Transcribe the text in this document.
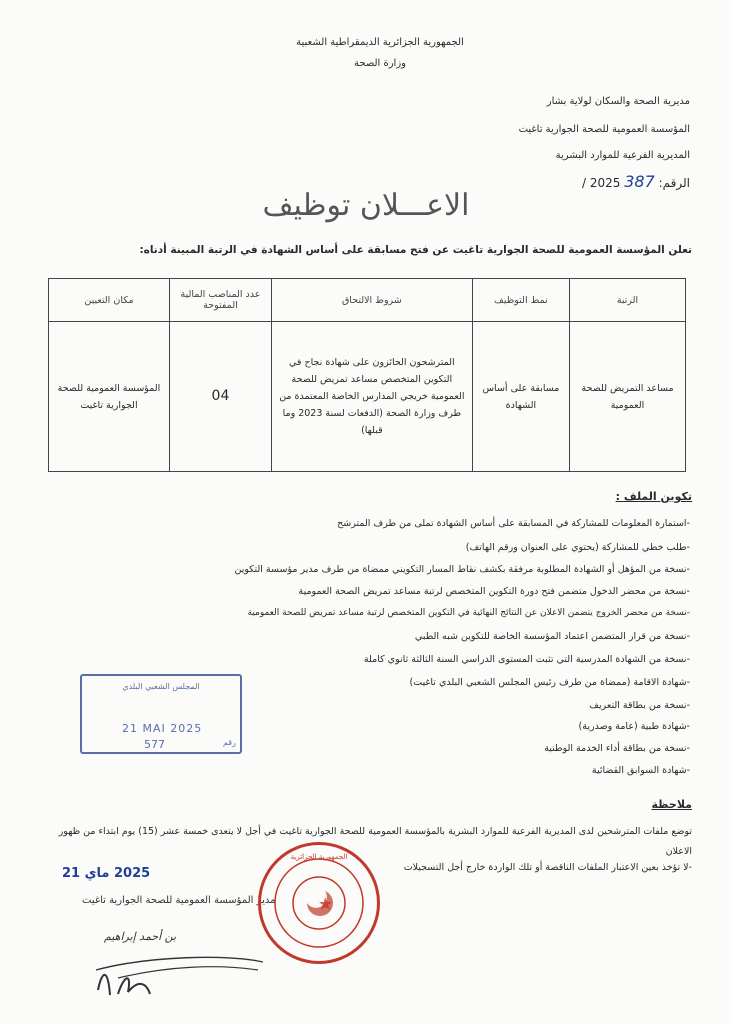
الجمهورية الجزائرية الديمقراطية الشعبية
وزارة الصحة
مديرية الصحة والسكان لولاية بشار
المؤسسة العمومية للصحة الجوارية تاغيت
المديرية الفرعية للموارد البشرية
الرقم: 387 2025 /
الاعـــلان توظيف
تعلن المؤسسة العمومية للصحة الجوارية تاغيت عن فتح مسابقة على أساس الشهادة في الرتبة المبينة أدناه:
الرتبة	نمط التوظيف	شروط الالتحاق	عدد المناصب المالية المفتوحة	مكان التعيين
مساعد التمريض للصحة العمومية	مسابقة على أساس الشهادة	المترشحون الحائزون على شهادة نجاح في التكوين المتخصص مساعد تمريض للصحة العمومية خريجي المدارس الخاصة المعتمدة من طرف وزارة الصحة (الدفعات لسنة 2023 وما قبلها)	04	المؤسسة العمومية للصحة الجوارية تاغيت
تكوين الملف :
-استمارة المعلومات للمشاركة في المسابقة على أساس الشهادة تملى من طرف المترشح
-طلب خطي للمشاركة (يحتوي على العنوان ورقم الهاتف)
-نسخة من المؤهل أو الشهادة المطلوبة مرفقة بكشف نقاط المسار التكويني ممضاة من طرف مدير مؤسسة التكوين
-نسخة من محضر الدخول متضمن فتح دورة التكوين المتخصص لرتبة مساعد تمريض الصحة العمومية
-نسخة من محضر الخروج يتضمن الاعلان عن النتائج النهائية في التكوين المتخصص لرتبة مساعد تمريض للصحة العمومية
-نسخة من قرار المتضمن اعتماد المؤسسة الخاصة للتكوين شبه الطبي
-نسخة من الشهادة المدرسية التي تثبت المستوى الدراسي السنة الثالثة ثانوي كاملة
-شهادة الاقامة (ممضاة من طرف رئيس المجلس الشعبي البلدي تاغيت)
-نسخة من بطاقة التعريف
-شهادة طبية (عامة وصدرية)
-نسخة من بطاقة أداء الخدمة الوطنية
-شهادة السوابق القضائية
ملاحظة
توضع ملفات المترشحين لدى المديرية الفرعية للموارد البشرية بالمؤسسة العمومية للصحة الجوارية تاغيت في أجل لا يتعدى خمسة عشر (15) يوم ابتداء من ظهور الاعلان
-لا تؤخذ بعين الاعتبار الملفات الناقصة أو تلك الواردة خارج أجل التسجيلات
المجلس الشعبي البلدي
21 MAI 2025
577	رقم
2025 ماي 21
مدير المؤسسة العمومية للصحة الجوارية تاغيت
بن أحمد إبراهيم
الجمهورية الجزائرية
